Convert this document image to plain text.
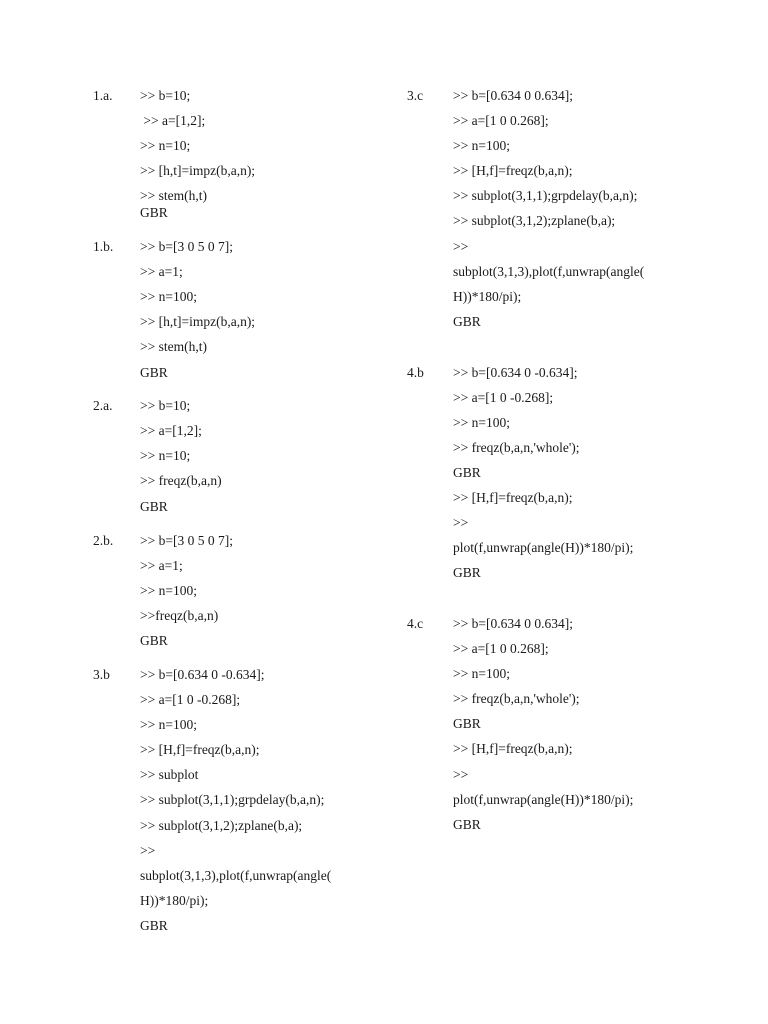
1.a. >> b=10;
>> a=[1,2];
>> n=10;
>> [h,t]=impz(b,a,n);
>> stem(h,t)
GBR
1.b. >> b=[3 0 5 0 7];
>> a=1;
>> n=100;
>> [h,t]=impz(b,a,n);
>> stem(h,t)
GBR
2.a. >> b=10;
>> a=[1,2];
>> n=10;
>> freqz(b,a,n)
GBR
2.b. >> b=[3 0 5 0 7];
>> a=1;
>> n=100;
>>freqz(b,a,n)
GBR
3.b >> b=[0.634 0 -0.634];
>> a=[1 0 -0.268];
>> n=100;
>> [H,f]=freqz(b,a,n);
>> subplot
>> subplot(3,1,1);grpdelay(b,a,n);
>> subplot(3,1,2);zplane(b,a);
>>
subplot(3,1,3),plot(f,unwrap(angle(
H))*180/pi);
GBR
3.c >> b=[0.634 0 0.634];
>> a=[1 0 0.268];
>> n=100;
>> [H,f]=freqz(b,a,n);
>> subplot(3,1,1);grpdelay(b,a,n);
>> subplot(3,1,2);zplane(b,a);
>>
subplot(3,1,3),plot(f,unwrap(angle(
H))*180/pi);
GBR
4.b >> b=[0.634 0 -0.634];
>> a=[1 0 -0.268];
>> n=100;
>> freqz(b,a,n,'whole');
GBR
>> [H,f]=freqz(b,a,n);
>>
plot(f,unwrap(angle(H))*180/pi);
GBR
4.c >> b=[0.634 0 0.634];
>> a=[1 0 0.268];
>> n=100;
>> freqz(b,a,n,'whole');
GBR
>> [H,f]=freqz(b,a,n);
>>
plot(f,unwrap(angle(H))*180/pi);
GBR
